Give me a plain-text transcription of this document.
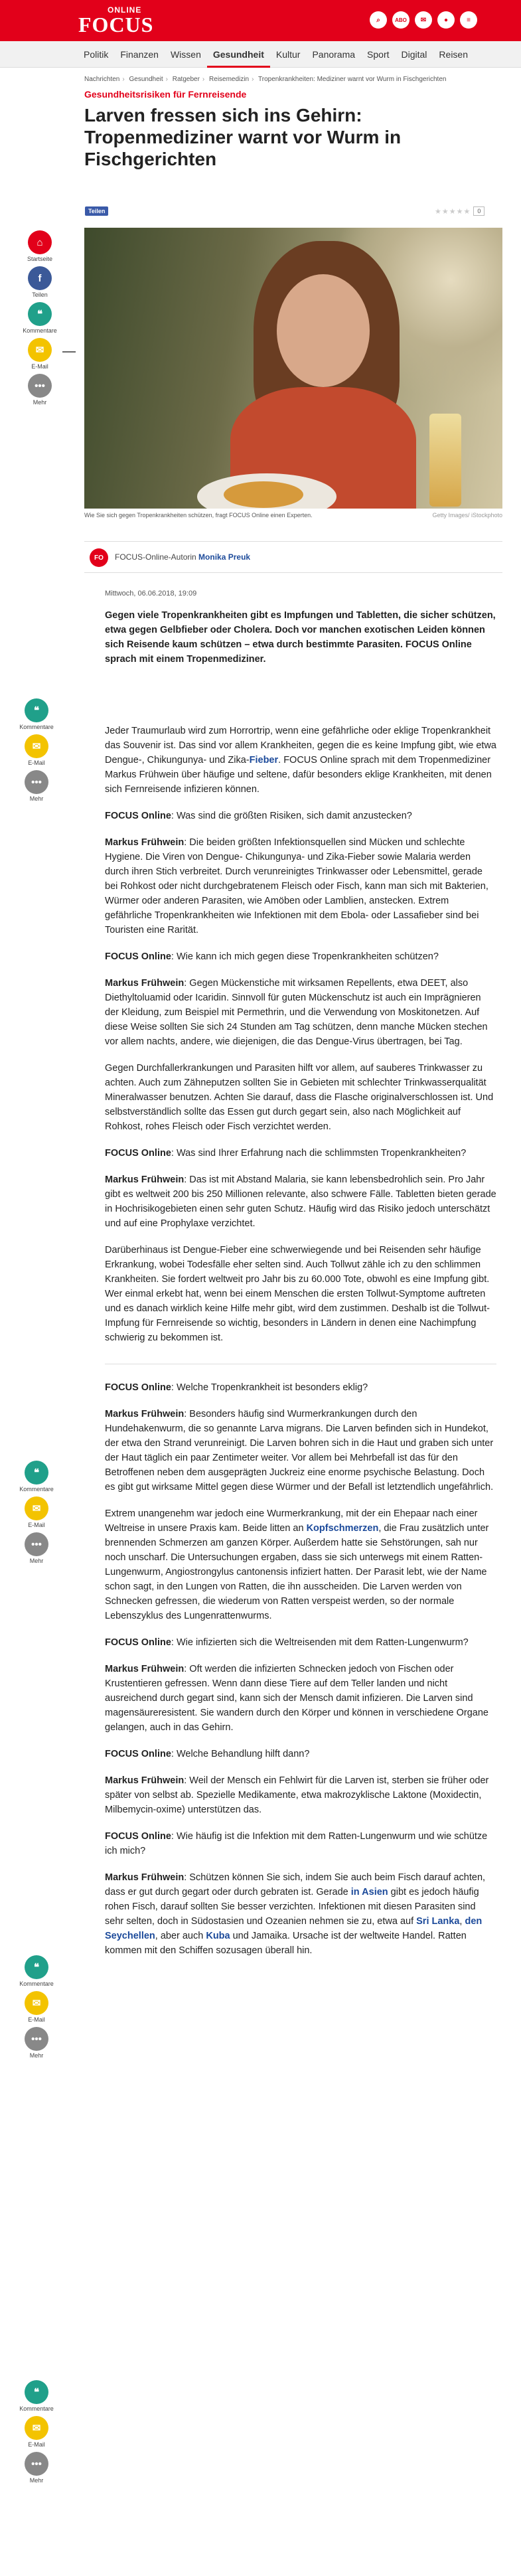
ONLINE
FOCUS	⌕	ABO	✉	●	≡
Politik	Finanzen	Wissen	Gesundheit	Kultur	Panorama	Sport	Digital	Reisen
Nachrichten › Gesundheit › Ratgeber › Reisemedizin › Tropenkrankheiten: Mediziner warnt vor Wurm in Fischgerichten
Gesundheitsrisiken für Fernreisende
Larven fressen sich ins Gehirn: Tropenmediziner warnt vor Wurm in Fischgerichten
Teilen	★★★★★	0
Wie Sie sich gegen Tropenkrankheiten schützen, fragt FOCUS Online einen Experten.	Getty Images/ iStockphoto
FO	FOCUS-Online-Autorin Monika Preuk
Mittwoch, 06.06.2018, 19:09

Gegen viele Tropenkrankheiten gibt es Impfungen und Tabletten, die sicher schützen, etwa gegen Gelbfieber oder Cholera. Doch vor manchen exotischen Leiden können sich Reisende kaum schützen – etwa durch bestimmte Parasiten. FOCUS Online sprach mit einem Tropenmediziner.

⌂
Startseite
f
Teilen
❝
Kommentare
✉
E-Mail
•••
Mehr
❝
Kommentare
✉
E-Mail
•••
Mehr
❝
Kommentare
✉
E-Mail
•••
Mehr
❝
Kommentare
✉
E-Mail
•••
Mehr
❝
Kommentare
✉
E-Mail
•••
Mehr

Jeder Traumurlaub wird zum Horrortrip, wenn eine gefährliche oder eklige Tropenkrankheit das Souvenir ist. Das sind vor allem Krankheiten, gegen die es keine Impfung gibt, wie etwa Dengue-, Chikungunya- und Zika-Fieber. FOCUS Online sprach mit dem Tropenmediziner Markus Frühwein über häufige und seltene, dafür besonders eklige Krankheiten, mit denen sich Fernreisende infizieren können.

FOCUS Online: Was sind die größten Risiken, sich damit anzustecken?

Markus Frühwein: Die beiden größten Infektionsquellen sind Mücken und schlechte Hygiene. Die Viren von Dengue- Chikungunya- und Zika-Fieber sowie Malaria werden durch ihren Stich verbreitet. Durch verunreinigtes Trinkwasser oder Lebensmittel, gerade bei Rohkost oder nicht durchgebratenem Fleisch oder Fisch, kann man sich mit Bakterien, Würmer oder anderen Parasiten, wie Amöben oder Lamblien, anstecken. Extrem gefährliche Tropenkrankheiten wie Infektionen mit dem Ebola- oder Lassafieber sind bei Touristen eine Rarität.

FOCUS Online: Wie kann ich mich gegen diese Tropenkrankheiten schützen?

Markus Frühwein: Gegen Mückenstiche mit wirksamen Repellents, etwa DEET, also Diethyltoluamid oder Icaridin. Sinnvoll für guten Mückenschutz ist auch ein Imprägnieren der Kleidung, zum Beispiel mit Permethrin, und die Verwendung von Moskitonetzen. Auf diese Weise sollten Sie sich 24 Stunden am Tag schützen, denn manche Mücken stechen vor allem nachts, andere, wie diejenigen, die das Dengue-Virus übertragen, bei Tag.

Gegen Durchfallerkrankungen und Parasiten hilft vor allem, auf sauberes Trinkwasser zu achten. Auch zum Zähneputzen sollten Sie in Gebieten mit schlechter Trinkwasserqualität Mineralwasser benutzen. Achten Sie darauf, dass die Flasche originalverschlossen ist. Und selbstverständlich sollte das Essen gut durch gegart sein, also nach Möglichkeit auf Rohkost, rohes Fleisch oder Fisch verzichtet werden.

FOCUS Online: Was sind Ihrer Erfahrung nach die schlimmsten Tropenkrankheiten?

Markus Frühwein: Das ist mit Abstand Malaria, sie kann lebensbedrohlich sein. Pro Jahr gibt es weltweit 200 bis 250 Millionen relevante, also schwere Fälle. Tabletten bieten gerade in Hochrisikogebieten einen sehr guten Schutz. Häufig wird das Risiko jedoch unterschätzt und auf eine Prophylaxe verzichtet.

Darüberhinaus ist Dengue-Fieber eine schwerwiegende und bei Reisenden sehr häufige Erkrankung, wobei Todesfälle eher selten sind. Auch Tollwut zähle ich zu den schlimmen Krankheiten. Sie fordert weltweit pro Jahr bis zu 60.000 Tote, obwohl es eine Impfung gibt. Wer einmal erkebt hat, wenn bei einem Menschen die ersten Tollwut-Symptome auftreten und es danach wirklich keine Hilfe mehr gibt, wird dem zustimmen. Deshalb ist die Tollwut-Impfung für Fernreisende so wichtig, besonders in Ländern in denen eine Nachimpfung schwierig zu bekommen ist.

FOCUS Online: Welche Tropenkrankheit ist besonders eklig?

Markus Frühwein: Besonders häufig sind Wurmerkrankungen durch den Hundehakenwurm, die so genannte Larva migrans. Die Larven befinden sich in Hundekot, der etwa den Strand verunreinigt. Die Larven bohren sich in die Haut und graben sich unter der Haut täglich ein paar Zentimeter weiter. Vor allem bei Mehrbefall ist das für den Betroffenen neben dem ausgeprägten Juckreiz eine enorme psychische Belastung. Doch es gibt gut wirksame Mittel gegen diese Würmer und der Befall ist letztendlich ungefährlich.

Extrem unangenehm war jedoch eine Wurmerkrankung, mit der ein Ehepaar nach einer Weltreise in unsere Praxis kam. Beide litten an Kopfschmerzen, die Frau zusätzlich unter brennenden Schmerzen am ganzen Körper. Außerdem hatte sie Sehstörungen, sah nur noch unscharf. Die Untersuchungen ergaben, dass sie sich unterwegs mit einem Ratten-Lungenwurm, Angiostrongylus cantonensis infiziert hatten. Der Parasit lebt, wie der Name schon sagt, in den Lungen von Ratten, die ihn ausscheiden. Die Larven werden von Schnecken gefressen, die wiederum von Ratten verspeist werden, so der normale Lebenszyklus des Lungenrattenwurms.

FOCUS Online: Wie infizierten sich die Weltreisenden mit dem Ratten-Lungenwurm?

Markus Frühwein: Oft werden die infizierten Schnecken jedoch von Fischen oder Krustentieren gefressen. Wenn dann diese Tiere auf dem Teller landen und nicht ausreichend durch gegart sind, kann sich der Mensch damit infizieren. Die Larven sind magensäureresistent. Sie wandern durch den Körper und können in verschiedene Organe gelangen, auch in das Gehirn.

FOCUS Online: Welche Behandlung hilft dann?

Markus Frühwein: Weil der Mensch ein Fehlwirt für die Larven ist, sterben sie früher oder später von selbst ab. Spezielle Medikamente, etwa makrozyklische Laktone (Moxidectin, Milbemycin-oxime) unterstützen das.

FOCUS Online: Wie häufig ist die Infektion mit dem Ratten-Lungenwurm und wie schütze ich mich?

Markus Frühwein: Schützen können Sie sich, indem Sie auch beim Fisch darauf achten, dass er gut durch gegart oder durch gebraten ist. Gerade in Asien gibt es jedoch häufig rohen Fisch, darauf sollten Sie besser verzichten. Infektionen mit diesen Parasiten sind sehr selten, doch in Südostasien und Ozeanien nehmen sie zu, etwa auf Sri Lanka, den Seychellen, aber auch Kuba und Jamaika. Ursache ist der weltweite Handel. Ratten kommen mit den Schiffen sozusagen überall hin.
